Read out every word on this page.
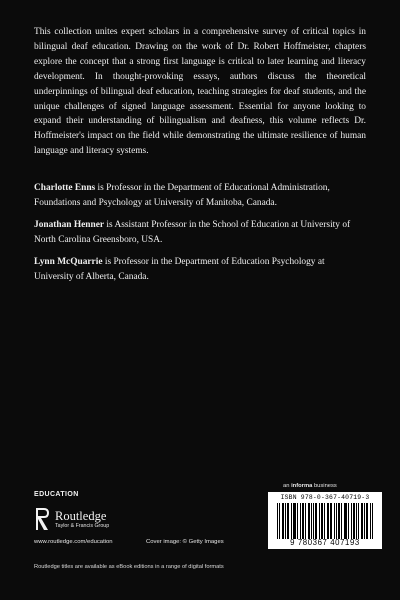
This collection unites expert scholars in a comprehensive survey of critical topics in bilingual deaf education. Drawing on the work of Dr. Robert Hoffmeister, chapters explore the concept that a strong first language is critical to later learning and literacy development. In thought-provoking essays, authors discuss the theoretical underpinnings of bilingual deaf education, teaching strategies for deaf students, and the unique challenges of signed language assessment. Essential for anyone looking to expand their understanding of bilingualism and deafness, this volume reflects Dr. Hoffmeister's impact on the field while demonstrating the ultimate resilience of human language and literacy systems.

Charlotte Enns is Professor in the Department of Educational Administration, Foundations and Psychology at University of Manitoba, Canada.

Jonathan Henner is Assistant Professor in the School of Education at University of North Carolina Greensboro, USA.

Lynn McQuarrie is Professor in the Department of Education Psychology at University of Alberta, Canada.

EDUCATION
an informa business
Routledge
Taylor & Francis Group
www.routledge.com/education	Cover image: © Getty Images
ISBN 978-0-367-40719-3
9 780367 407193
Routledge titles are available as eBook editions in a range of digital formats
